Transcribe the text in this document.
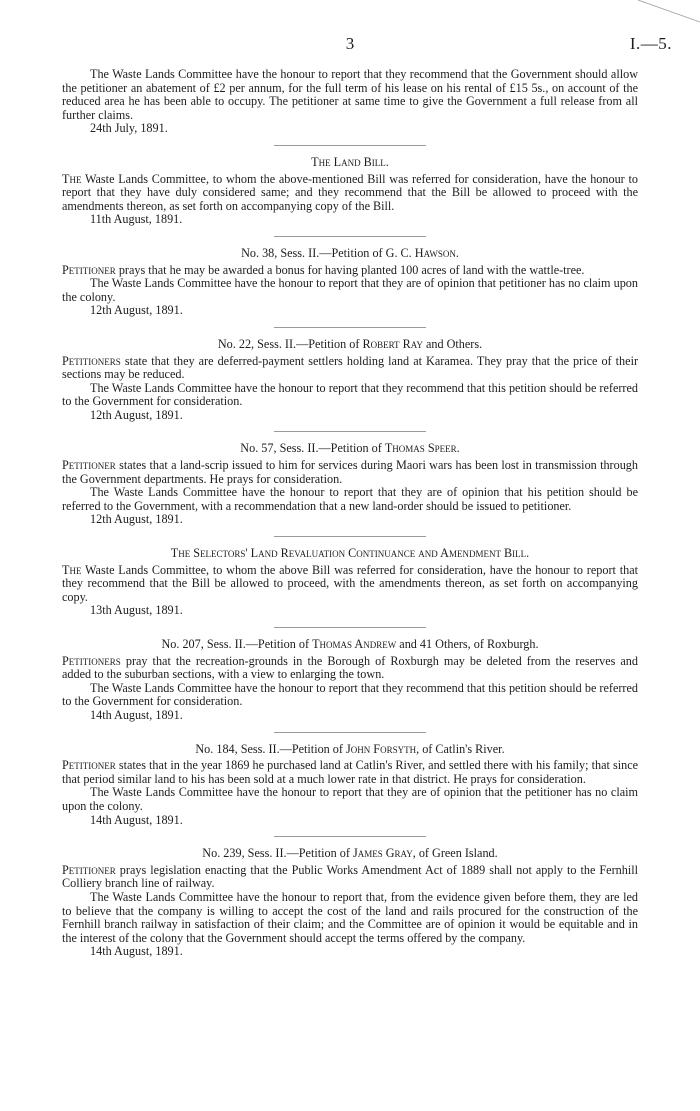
3	I.—5.

The Waste Lands Committee have the honour to report that they recommend that the Government should allow the petitioner an abatement of £2 per annum, for the full term of his lease on his rental of £15 5s., on account of the reduced area he has been able to occupy. The petitioner at same time to give the Government a full release from all further claims.

24th July, 1891.

The Land Bill.

The Waste Lands Committee, to whom the above-mentioned Bill was referred for consideration, have the honour to report that they have duly considered same; and they recommend that the Bill be allowed to proceed with the amendments thereon, as set forth on accompanying copy of the Bill.

11th August, 1891.

No. 38, Sess. II.—Petition of G. C. Hawson.

Petitioner prays that he may be awarded a bonus for having planted 100 acres of land with the wattle-tree.

The Waste Lands Committee have the honour to report that they are of opinion that petitioner has no claim upon the colony.

12th August, 1891.

No. 22, Sess. II.—Petition of Robert Ray and Others.

Petitioners state that they are deferred-payment settlers holding land at Karamea. They pray that the price of their sections may be reduced.

The Waste Lands Committee have the honour to report that they recommend that this petition should be referred to the Government for consideration.

12th August, 1891.

No. 57, Sess. II.—Petition of Thomas Speer.

Petitioner states that a land-scrip issued to him for services during Maori wars has been lost in transmission through the Government departments. He prays for consideration.

The Waste Lands Committee have the honour to report that they are of opinion that his petition should be referred to the Government, with a recommendation that a new land-order should be issued to petitioner.

12th August, 1891.

The Selectors' Land Revaluation Continuance and Amendment Bill.

The Waste Lands Committee, to whom the above Bill was referred for consideration, have the honour to report that they recommend that the Bill be allowed to proceed, with the amendments thereon, as set forth on accompanying copy.

13th August, 1891.

No. 207, Sess. II.—Petition of Thomas Andrew and 41 Others, of Roxburgh.

Petitioners pray that the recreation-grounds in the Borough of Roxburgh may be deleted from the reserves and added to the suburban sections, with a view to enlarging the town.

The Waste Lands Committee have the honour to report that they recommend that this petition should be referred to the Government for consideration.

14th August, 1891.

No. 184, Sess. II.—Petition of John Forsyth, of Catlin's River.

Petitioner states that in the year 1869 he purchased land at Catlin's River, and settled there with his family; that since that period similar land to his has been sold at a much lower rate in that district. He prays for consideration.

The Waste Lands Committee have the honour to report that they are of opinion that the petitioner has no claim upon the colony.

14th August, 1891.

No. 239, Sess. II.—Petition of James Gray, of Green Island.

Petitioner prays legislation enacting that the Public Works Amendment Act of 1889 shall not apply to the Fernhill Colliery branch line of railway.

The Waste Lands Committee have the honour to report that, from the evidence given before them, they are led to believe that the company is willing to accept the cost of the land and rails procured for the construction of the Fernhill branch railway in satisfaction of their claim; and the Committee are of opinion it would be equitable and in the interest of the colony that the Government should accept the terms offered by the company.

14th August, 1891.
